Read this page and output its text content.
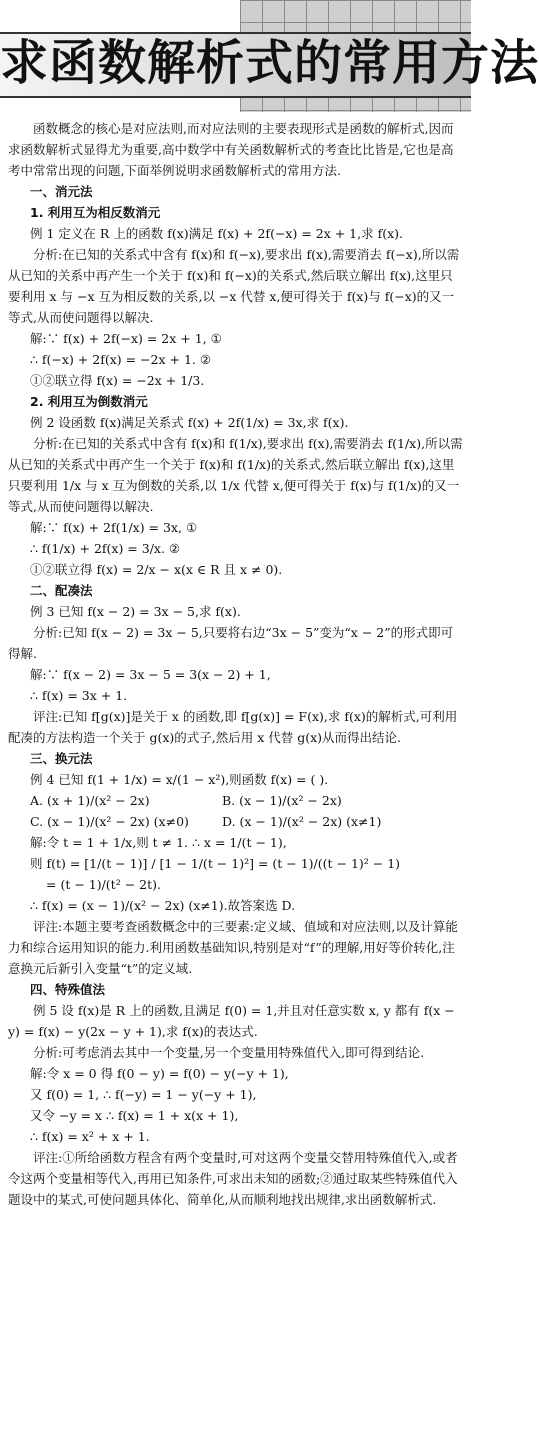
求函数解析式的常用方法

函数概念的核心是对应法则,而对应法则的主要表现形式是函数的解析式,因而求函数解析式显得尤为重要,高中数学中有关函数解析式的考查比比皆是,它也是高考中常常出现的问题,下面举例说明求函数解析式的常用方法.

一、消元法

1. 利用互为相反数消元

例 1 定义在 R 上的函数 f(x)满足 f(x) + 2f(−x) = 2x + 1,求 f(x).

分析:在已知的关系式中含有 f(x)和 f(−x),要求出 f(x),需要消去 f(−x),所以需从已知的关系中再产生一个关于 f(x)和 f(−x)的关系式,然后联立解出 f(x),这里只要利用 x 与 −x 互为相反数的关系,以 −x 代替 x,便可得关于 f(x)与 f(−x)的又一等式,从而使问题得以解决.

解:∵ f(x) + 2f(−x) = 2x + 1, ①

∴ f(−x) + 2f(x) = −2x + 1. ②

①②联立得 f(x) = −2x + 1/3.

2. 利用互为倒数消元

例 2 设函数 f(x)满足关系式 f(x) + 2f(1/x) = 3x,求 f(x).

分析:在已知的关系式中含有 f(x)和 f(1/x),要求出 f(x),需要消去 f(1/x),所以需从已知的关系式中再产生一个关于 f(x)和 f(1/x)的关系式,然后联立解出 f(x),这里只要利用 1/x 与 x 互为倒数的关系,以 1/x 代替 x,便可得关于 f(x)与 f(1/x)的又一等式,从而使问题得以解决.

解:∵ f(x) + 2f(1/x) = 3x, ①

∴ f(1/x) + 2f(x) = 3/x. ②

①②联立得 f(x) = 2/x − x(x ∈ R 且 x ≠ 0).

二、配凑法

例 3 已知 f(x − 2) = 3x − 5,求 f(x).

分析:已知 f(x − 2) = 3x − 5,只要将右边“3x − 5”变为“x − 2”的形式即可得解.

解:∵ f(x − 2) = 3x − 5 = 3(x − 2) + 1,

∴ f(x) = 3x + 1.

评注:已知 f[g(x)]是关于 x 的函数,即 f[g(x)] = F(x),求 f(x)的解析式,可利用配凑的方法构造一个关于 g(x)的式子,然后用 x 代替 g(x)从而得出结论.

三、换元法

例 4 已知 f(1 + 1/x) = x/(1 − x²),则函数 f(x) = ( ).

A. (x + 1)/(x² − 2x)	B. (x − 1)/(x² − 2x)
C. (x − 1)/(x² − 2x) (x≠0)	D. (x − 1)/(x² − 2x) (x≠1)

解:令 t = 1 + 1/x,则 t ≠ 1. ∴ x = 1/(t − 1),

则 f(t) = [1/(t − 1)] / [1 − 1/(t − 1)²] = (t − 1)/((t − 1)² − 1)

= (t − 1)/(t² − 2t).

∴ f(x) = (x − 1)/(x² − 2x) (x≠1).故答案选 D.

评注:本题主要考查函数概念中的三要素:定义域、值域和对应法则,以及计算能力和综合运用知识的能力.利用函数基础知识,特别是对“f”的理解,用好等价转化,注意换元后新引入变量“t”的定义域.

四、特殊值法

例 5 设 f(x)是 R 上的函数,且满足 f(0) = 1,并且对任意实数 x, y 都有 f(x − y) = f(x) − y(2x − y + 1),求 f(x)的表达式.

分析:可考虑消去其中一个变量,另一个变量用特殊值代入,即可得到结论.

解:令 x = 0 得 f(0 − y) = f(0) − y(−y + 1),

又 f(0) = 1, ∴ f(−y) = 1 − y(−y + 1),

又令 −y = x ∴ f(x) = 1 + x(x + 1),

∴ f(x) = x² + x + 1.

评注:①所给函数方程含有两个变量时,可对这两个变量交替用特殊值代入,或者令这两个变量相等代入,再用已知条件,可求出未知的函数;②通过取某些特殊值代入题设中的某式,可使问题具体化、简单化,从而顺利地找出规律,求出函数解析式.
